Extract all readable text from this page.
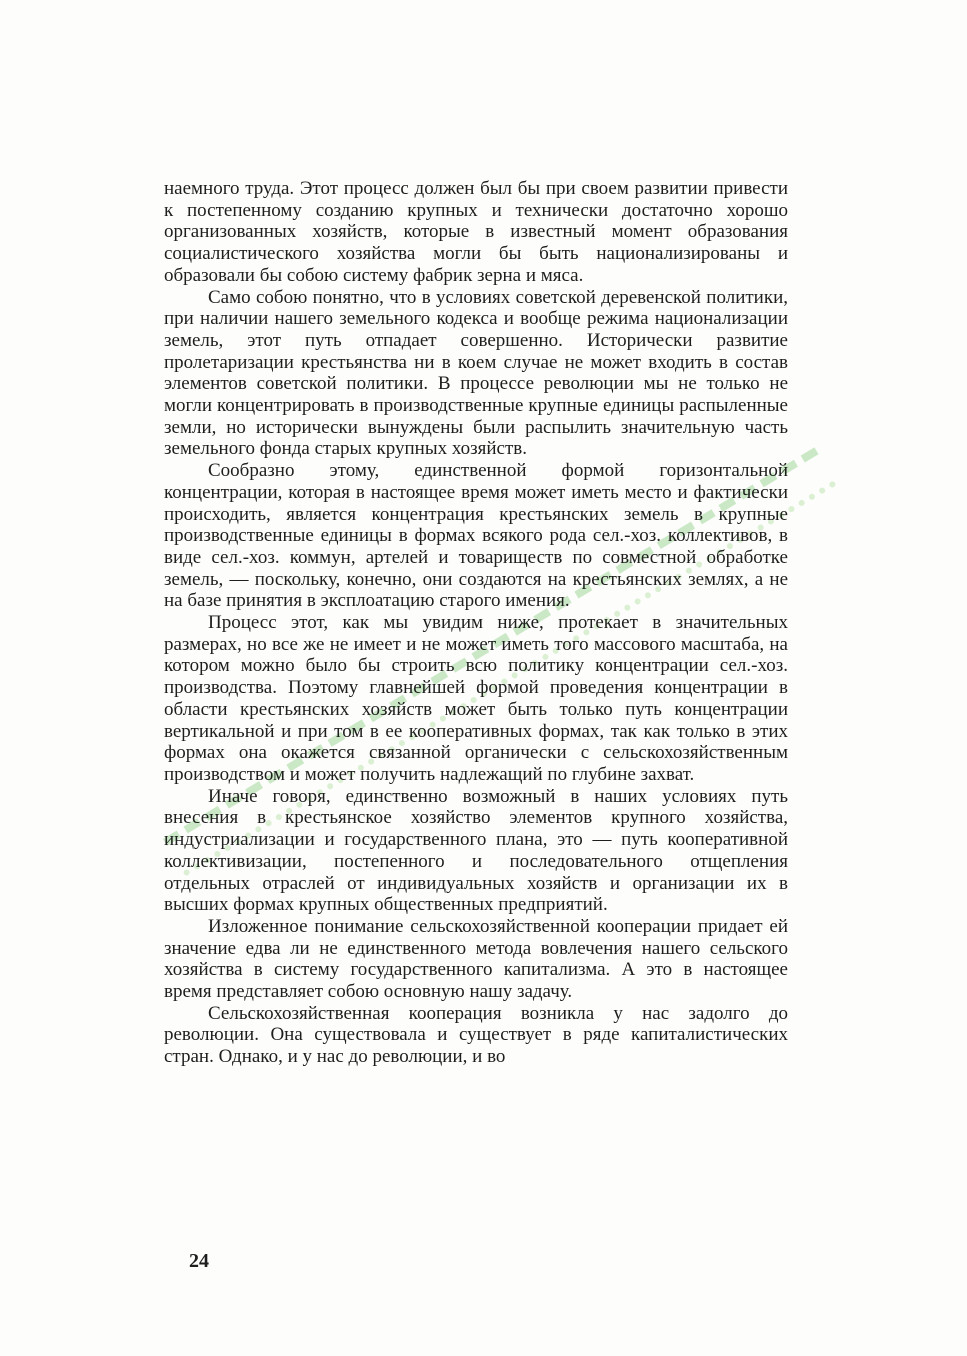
наемного труда. Этот процесс должен был бы при своем развитии привести к постепенному созданию крупных и технически достаточно хорошо организованных хозяйств, которые в известный момент образования социалистического хозяйства могли бы быть национализированы и образовали бы собою систему фабрик зерна и мяса.

Само собою понятно, что в условиях советской деревенской политики, при наличии нашего земельного кодекса и вообще режима национализации земель, этот путь отпадает совершенно. Исторически развитие пролетаризации крестьянства ни в коем случае не может входить в состав элементов советской политики. В процессе революции мы не только не могли концентрировать в производственные крупные единицы распыленные земли, но исторически вынуждены были распылить значительную часть земельного фонда старых крупных хозяйств.

Сообразно этому, единственной формой горизонтальной концентрации, которая в настоящее время может иметь место и фактически происходить, является концентрация крестьянских земель в крупные производственные единицы в формах всякого рода сел.-хоз. коллективов, в виде сел.-хоз. коммун, артелей и товариществ по совместной обработке земель, — поскольку, конечно, они создаются на крестьянских землях, а не на базе принятия в эксплоатацию старого имения.

Процесс этот, как мы увидим ниже, протекает в значительных размерах, но все же не имеет и не может иметь того массового масштаба, на котором можно было бы строить всю политику концентрации сел.-хоз. производства. Поэтому главнейшей формой проведения концентрации в области крестьянских хозяйств может быть только путь концентрации вертикальной и при том в ее кооперативных формах, так как только в этих формах она окажется связанной органически с сельскохозяйственным производством и может получить надлежащий по глубине захват.

Иначе говоря, единственно возможный в наших условиях путь внесения в крестьянское хозяйство элементов крупного хозяйства, индустриализации и государственного плана, это — путь кооперативной коллективизации, постепенного и последовательного отщепления отдельных отраслей от индивидуальных хозяйств и организации их в высших формах крупных общественных предприятий.

Изложенное понимание сельскохозяйственной кооперации придает ей значение едва ли не единственного метода вовлечения нашего сельского хозяйства в систему государственного капитализма. А это в настоящее время представляет собою основную нашу задачу.

Сельскохозяйственная кооперация возникла у нас задолго до революции. Она существовала и существует в ряде капиталистических стран. Однако, и у нас до революции, и во

24
